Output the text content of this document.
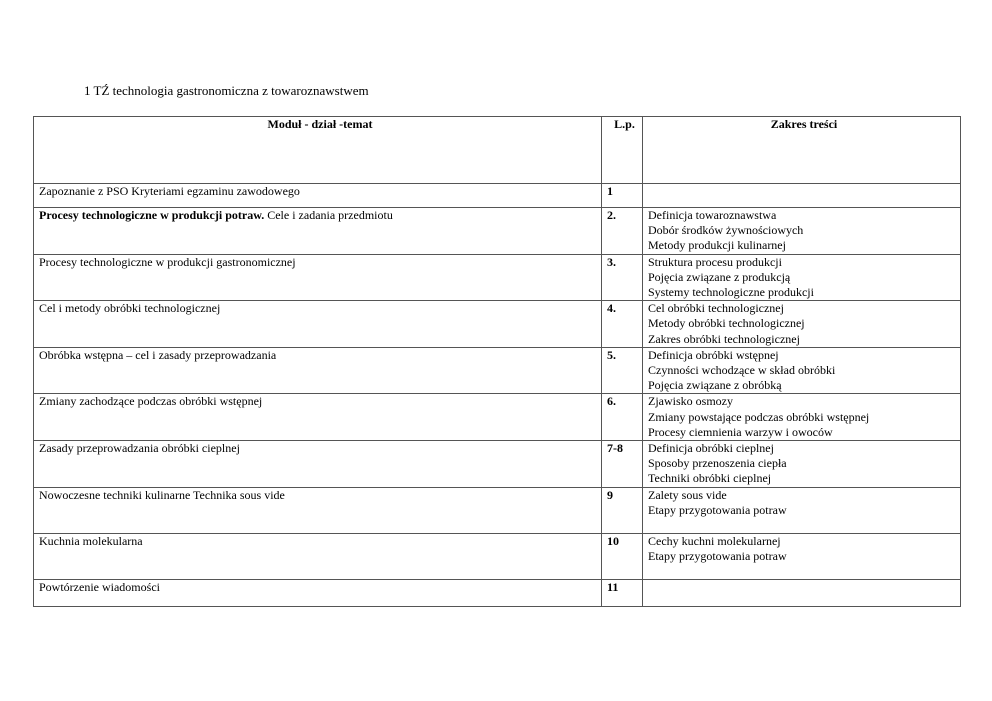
1 TŹ technologia gastronomiczna z towaroznawstwem
Moduł - dział -temat	L.p.	Zakres treści
Zapoznanie z PSO Kryteriami egzaminu zawodowego	1	
Procesy technologiczne w produkcji potraw. Cele i zadania przedmiotu	2.	Definicja towaroznawstwa
Dobór środków żywnościowych
Metody produkcji kulinarnej

Procesy technologiczne w produkcji gastronomicznej	3.	Struktura procesu produkcji
Pojęcia związane z produkcją
Systemy technologiczne produkcji

Cel i metody obróbki technologicznej	4.	Cel obróbki technologicznej
Metody obróbki technologicznej
Zakres obróbki technologicznej

Obróbka wstępna – cel i zasady przeprowadzania	5.	Definicja obróbki wstępnej
Czynności wchodzące w skład obróbki
Pojęcia związane z obróbką

Zmiany zachodzące podczas obróbki wstępnej	6.	Zjawisko osmozy
Zmiany powstające podczas obróbki wstępnej
Procesy ciemnienia warzyw i owoców

Zasady przeprowadzania obróbki cieplnej	7-8	Definicja obróbki cieplnej
Sposoby przenoszenia ciepła
Techniki obróbki cieplnej

Nowoczesne techniki kulinarne Technika sous vide	9	Zalety sous vide
Etapy przygotowania potraw

Kuchnia molekularna	10	Cechy kuchni molekularnej
Etapy przygotowania potraw

Powtórzenie wiadomości	11	
